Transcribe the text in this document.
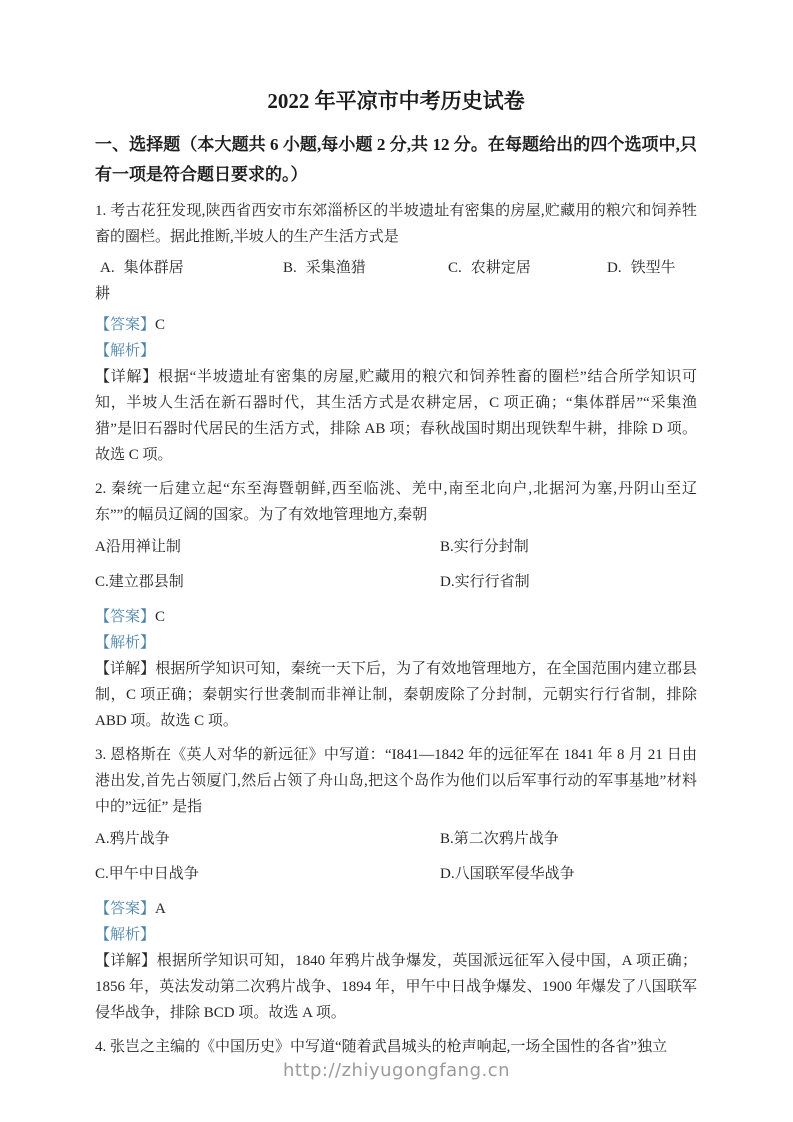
2022 年平凉市中考历史试卷
一、选择题（本大题共 6 小题,每小题 2 分,共 12 分。在每题给出的四个选项中,只有一项是符合题日要求的。）

1. 考古花狂发现,陕西省西安市东郊淄桥区的半坡遗址有密集的房屋,贮藏用的粮穴和饲养牲畜的圈栏。据此推断,半坡人的生产生活方式是

A. 集体群居	B. 采集渔猎	C. 农耕定居	D. 铁型牛
耕

【答案】C

【解析】

【详解】根据“半坡遗址有密集的房屋,贮藏用的粮穴和饲养牲畜的圈栏”结合所学知识可知，半坡人生活在新石器时代，其生活方式是农耕定居，C 项正确；“集体群居”“采集渔猎”是旧石器时代居民的生活方式，排除 AB 项；春秋战国时期出现铁犁牛耕，排除 D 项。故选 C 项。

2. 秦统一后建立起“东至海暨朝鲜,西至临洮、羌中,南至北向户,北据河为塞,丹阴山至辽东””的幅员辽阔的国家。为了有效地管理地方,秦朝

A沿用禅让制	B.实行分封制
C.建立郡县制	D.实行行省制

【答案】C

【解析】

【详解】根据所学知识可知，秦统一天下后，为了有效地管理地方，在全国范围内建立郡县制，C 项正确；秦朝实行世袭制而非禅让制，秦朝废除了分封制，元朝实行行省制，排除 ABD 项。故选 C 项。

3. 恩格斯在《英人对华的新远征》中写道：“I841—1842 年的远征军在 1841 年 8 月 21 日由港出发,首先占领厦门,然后占领了舟山岛,把这个岛作为他们以后军事行动的军事基地”材料中的”远征” 是指

A.鸦片战争	B.第二次鸦片战争
C.甲午中日战争	D.八国联军侵华战争

【答案】A

【解析】

【详解】根据所学知识可知，1840 年鸦片战争爆发，英国派远征军入侵中国，A 项正确；1856 年，英法发动第二次鸦片战争、1894 年，甲午中日战争爆发、1900 年爆发了八国联军侵华战争，排除 BCD 项。故选 A 项。

4. 张岂之主编的《中国历史》中写道“随着武昌城头的枪声响起,一场全国性的各省”独立

http://zhiyugongfang.cn
